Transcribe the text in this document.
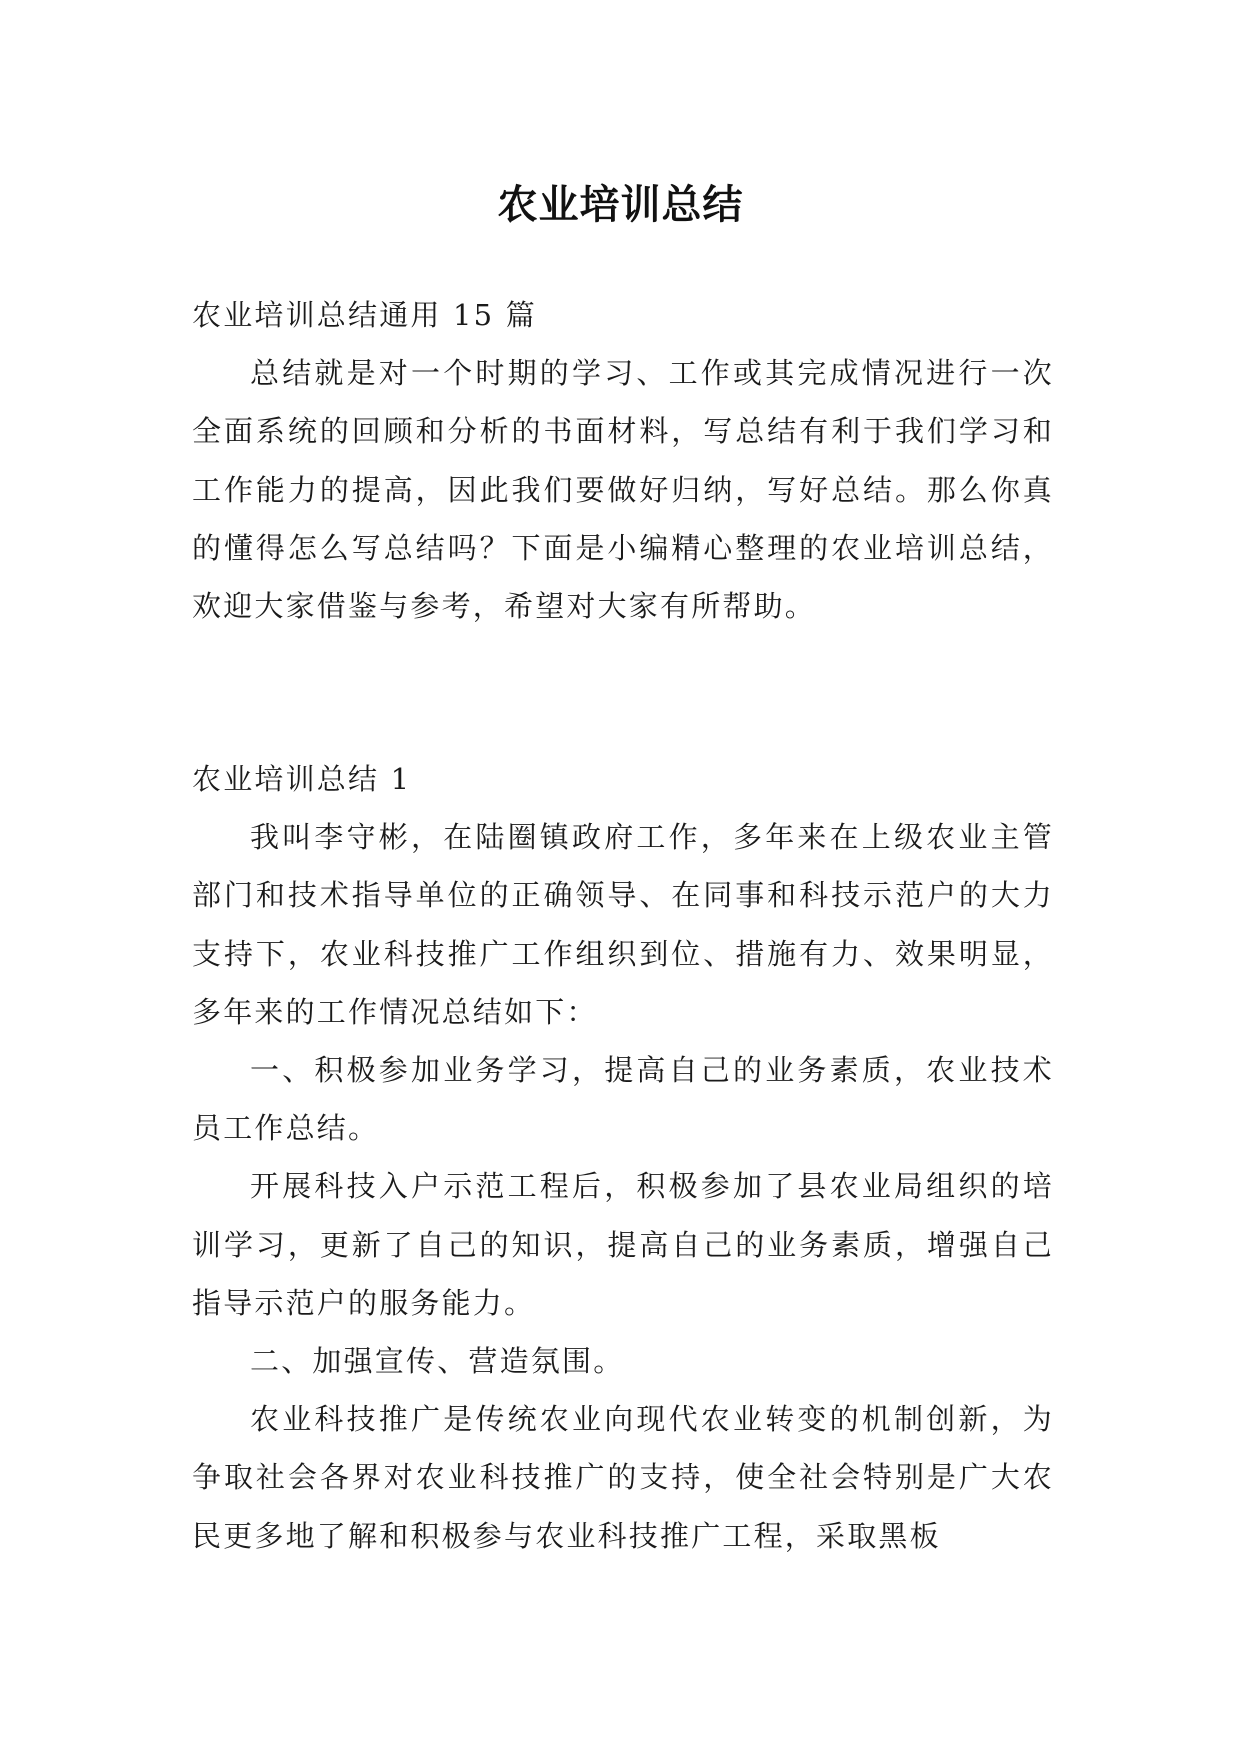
农业培训总结

农业培训总结通用 15 篇

总结就是对一个时期的学习、工作或其完成情况进行一次全面系统的回顾和分析的书面材料，写总结有利于我们学习和工作能力的提高，因此我们要做好归纳，写好总结。那么你真的懂得怎么写总结吗？下面是小编精心整理的农业培训总结，欢迎大家借鉴与参考，希望对大家有所帮助。

农业培训总结 1

我叫李守彬，在陆圈镇政府工作，多年来在上级农业主管部门和技术指导单位的正确领导、在同事和科技示范户的大力支持下，农业科技推广工作组织到位、措施有力、效果明显，多年来的工作情况总结如下：

一、积极参加业务学习，提高自己的业务素质，农业技术员工作总结。

开展科技入户示范工程后，积极参加了县农业局组织的培训学习，更新了自己的知识，提高自己的业务素质，增强自己指导示范户的服务能力。

二、加强宣传、营造氛围。

农业科技推广是传统农业向现代农业转变的机制创新，为争取社会各界对农业科技推广的支持，使全社会特别是广大农民更多地了解和积极参与农业科技推广工程，采取黑板
